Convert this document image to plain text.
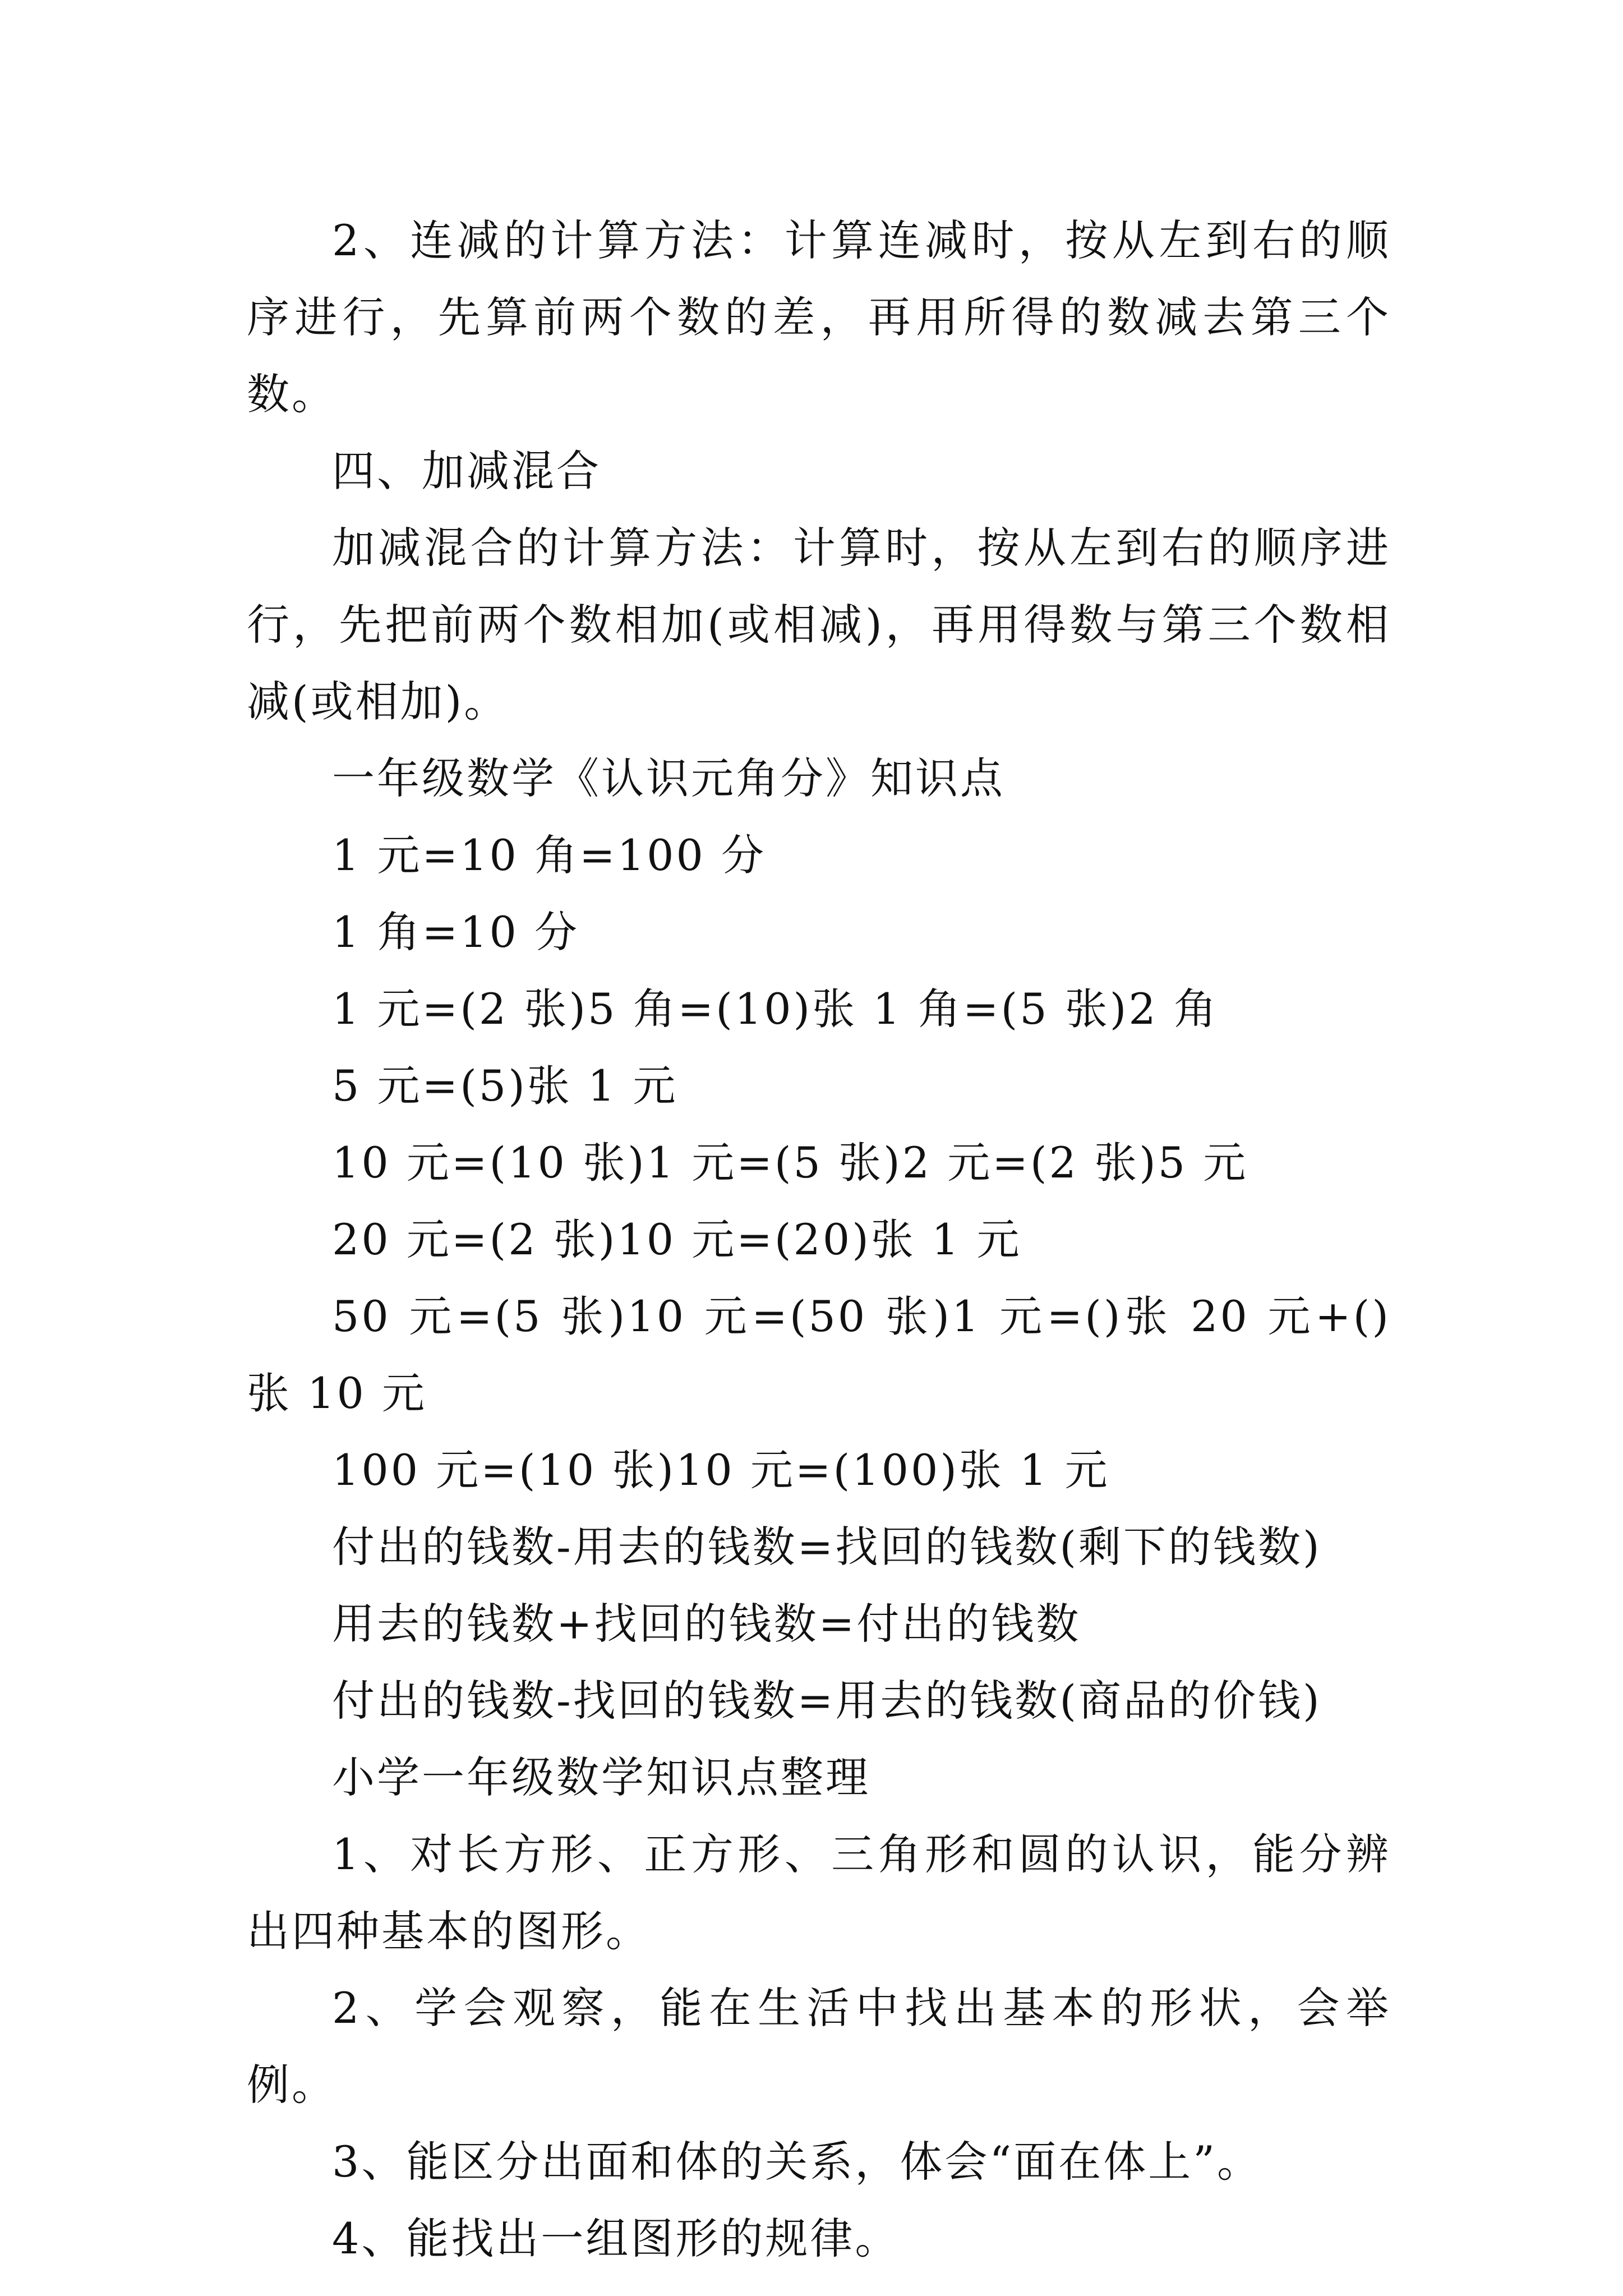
2、连减的计算方法：计算连减时，按从左到右的顺序进行，先算前两个数的差，再用所得的数减去第三个数。

四、加减混合

加减混合的计算方法：计算时，按从左到右的顺序进行，先把前两个数相加(或相减)，再用得数与第三个数相减(或相加)。

一年级数学《认识元角分》知识点

1 元=10 角=100 分

1 角=10 分

1 元=(2 张)5 角=(10)张 1 角=(5 张)2 角

5 元=(5)张 1 元

10 元=(10 张)1 元=(5 张)2 元=(2 张)5 元

20 元=(2 张)10 元=(20)张 1 元

50 元=(5 张)10 元=(50 张)1 元=()张 20 元+()张 10 元

100 元=(10 张)10 元=(100)张 1 元

付出的钱数-用去的钱数=找回的钱数(剩下的钱数)

用去的钱数+找回的钱数=付出的钱数

付出的钱数-找回的钱数=用去的钱数(商品的价钱)

小学一年级数学知识点整理

1、对长方形、正方形、三角形和圆的认识，能分辨出四种基本的图形。

2、学会观察，能在生活中找出基本的形状，会举例。

3、能区分出面和体的关系，体会“面在体上”。

4、能找出一组图形的规律。
